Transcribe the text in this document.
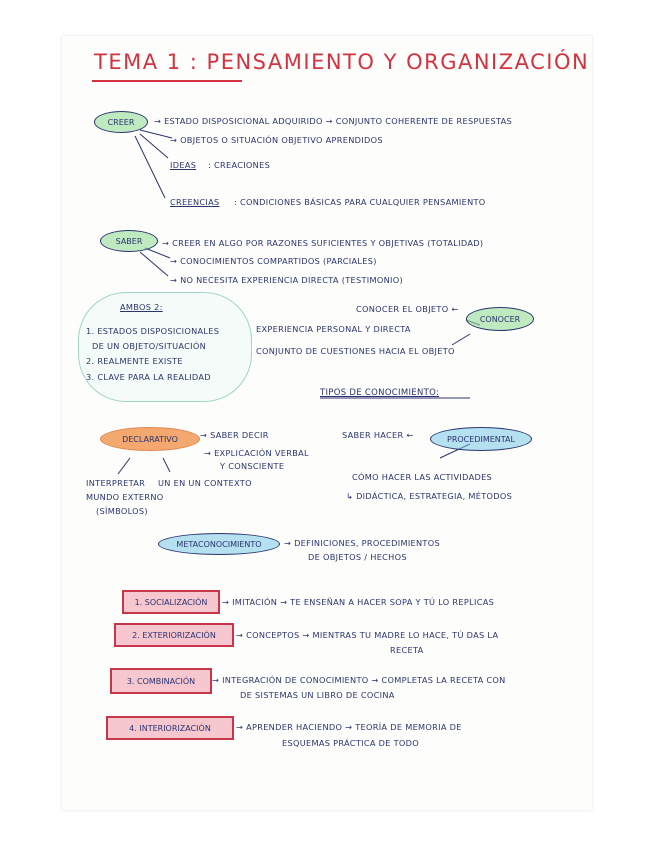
TEMA 1 : PENSAMIENTO Y ORGANIZACIÓN
CREER	→ ESTADO DISPOSICIONAL ADQUIRIDO → CONJUNTO COHERENTE DE RESPUESTAS
→ OBJETOS O SITUACIÓN OBJETIVO APRENDIDOS
IDEAS : CREACIONES
CREENCIAS : CONDICIONES BÁSICAS PARA CUALQUIER PENSAMIENTO
SABER	→ CREER EN ALGO POR RAZONES SUFICIENTES Y OBJETIVAS (TOTALIDAD)
→ CONOCIMIENTOS COMPARTIDOS (PARCIALES)
→ NO NECESITA EXPERIENCIA DIRECTA (TESTIMONIO)
AMBOS 2:
1. ESTADOS DISPOSICIONALES
DE UN OBJETO/SITUACIÓN
2. REALMENTE EXISTE
3. CLAVE PARA LA REALIDAD
CONOCER
CONOCER EL OBJETO ←
EXPERIENCIA PERSONAL Y DIRECTA
CONJUNTO DE CUESTIONES HACIA EL OBJETO
TIPOS DE CONOCIMIENTO:
DECLARATIVO	→ SABER DECIR
→ EXPLICACIÓN VERBAL
Y CONSCIENTE
INTERPRETAR UN EN UN CONTEXTO
MUNDO EXTERNO
(SÍMBOLOS)
PROCEDIMENTAL
SABER HACER ←
CÓMO HACER LAS ACTIVIDADES
↳ DIDÁCTICA, ESTRATEGIA, MÉTODOS
METACONOCIMIENTO	→ DEFINICIONES, PROCEDIMIENTOS
DE OBJETOS / HECHOS
1. SOCIALIZACIÓN	→ IMITACIÓN → TE ENSEÑAN A HACER SOPA Y TÚ LO REPLICAS
2. EXTERIORIZACIÓN	→ CONCEPTOS → MIENTRAS TU MADRE LO HACE, TÚ DAS LA
RECETA
3. COMBINACIÓN	→ INTEGRACIÓN DE CONOCIMIENTO → COMPLETAS LA RECETA CON
DE SISTEMAS UN LIBRO DE COCINA
4. INTERIORIZACIÓN	→ APRENDER HACIENDO → TEORÍA DE MEMORIA DE
ESQUEMAS PRÁCTICA DE TODO
